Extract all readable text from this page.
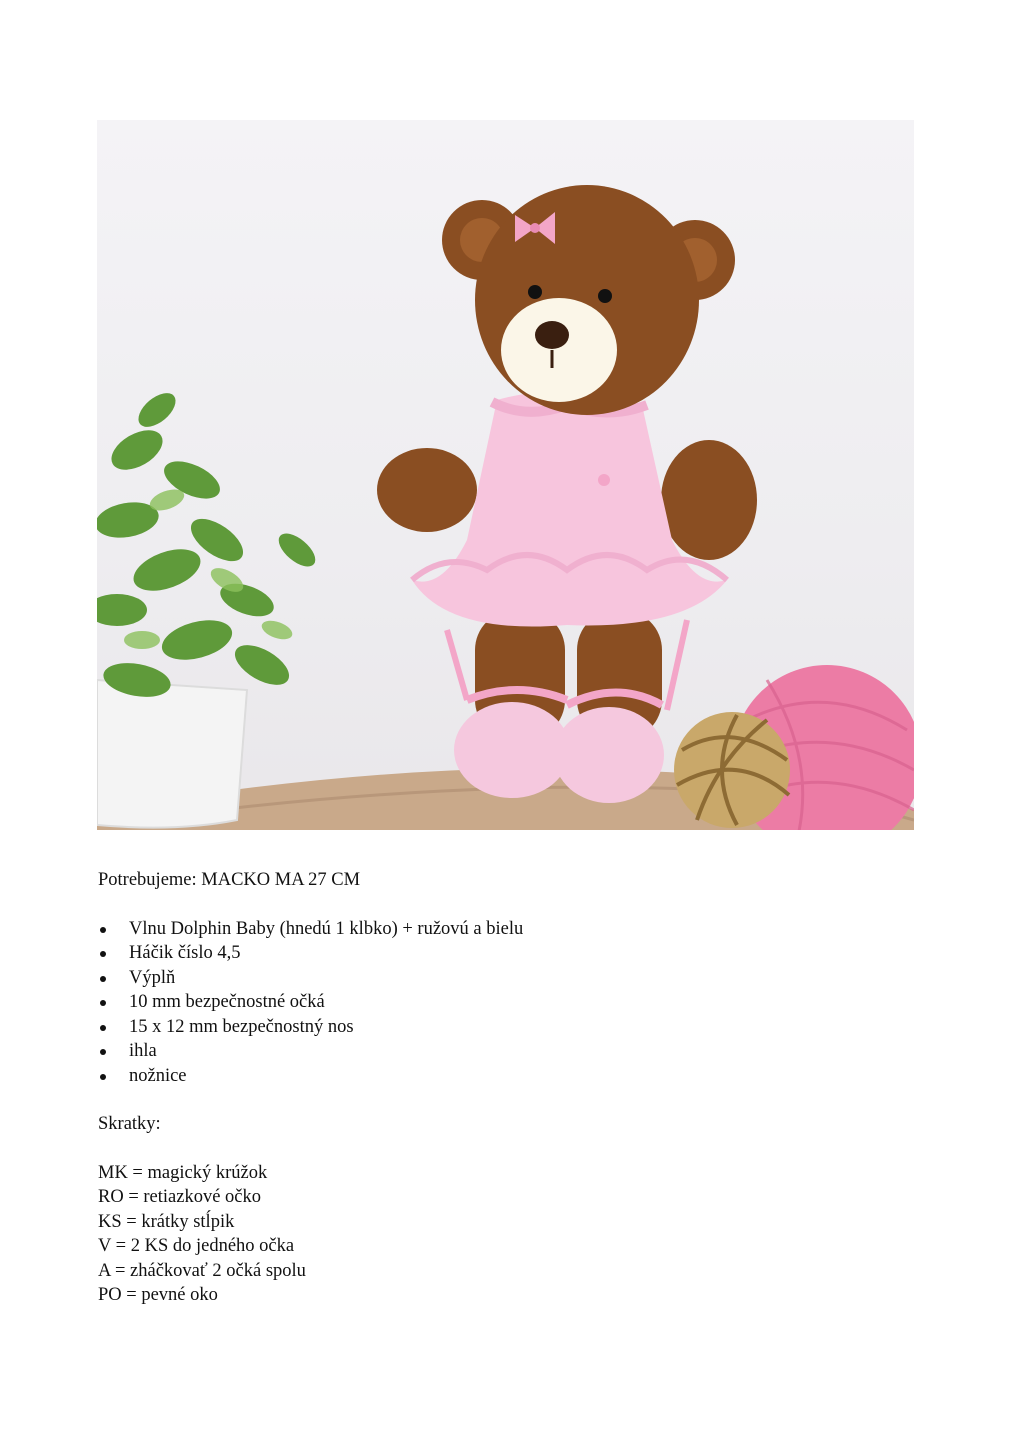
Potrebujeme: MACKO MA 27 CM

Vlnu Dolphin Baby (hnedú 1 klbko) + ružovú a bielu
Háčik číslo 4,5
Výplň
10 mm bezpečnostné očká
15 x 12 mm bezpečnostný nos
ihla
nožnice

Skratky:

MK = magický krúžok
RO = retiazkové očko
KS = krátky stĺpik
V = 2 KS do jedného očka
A = zháčkovať 2 očká spolu
PO = pevné oko
